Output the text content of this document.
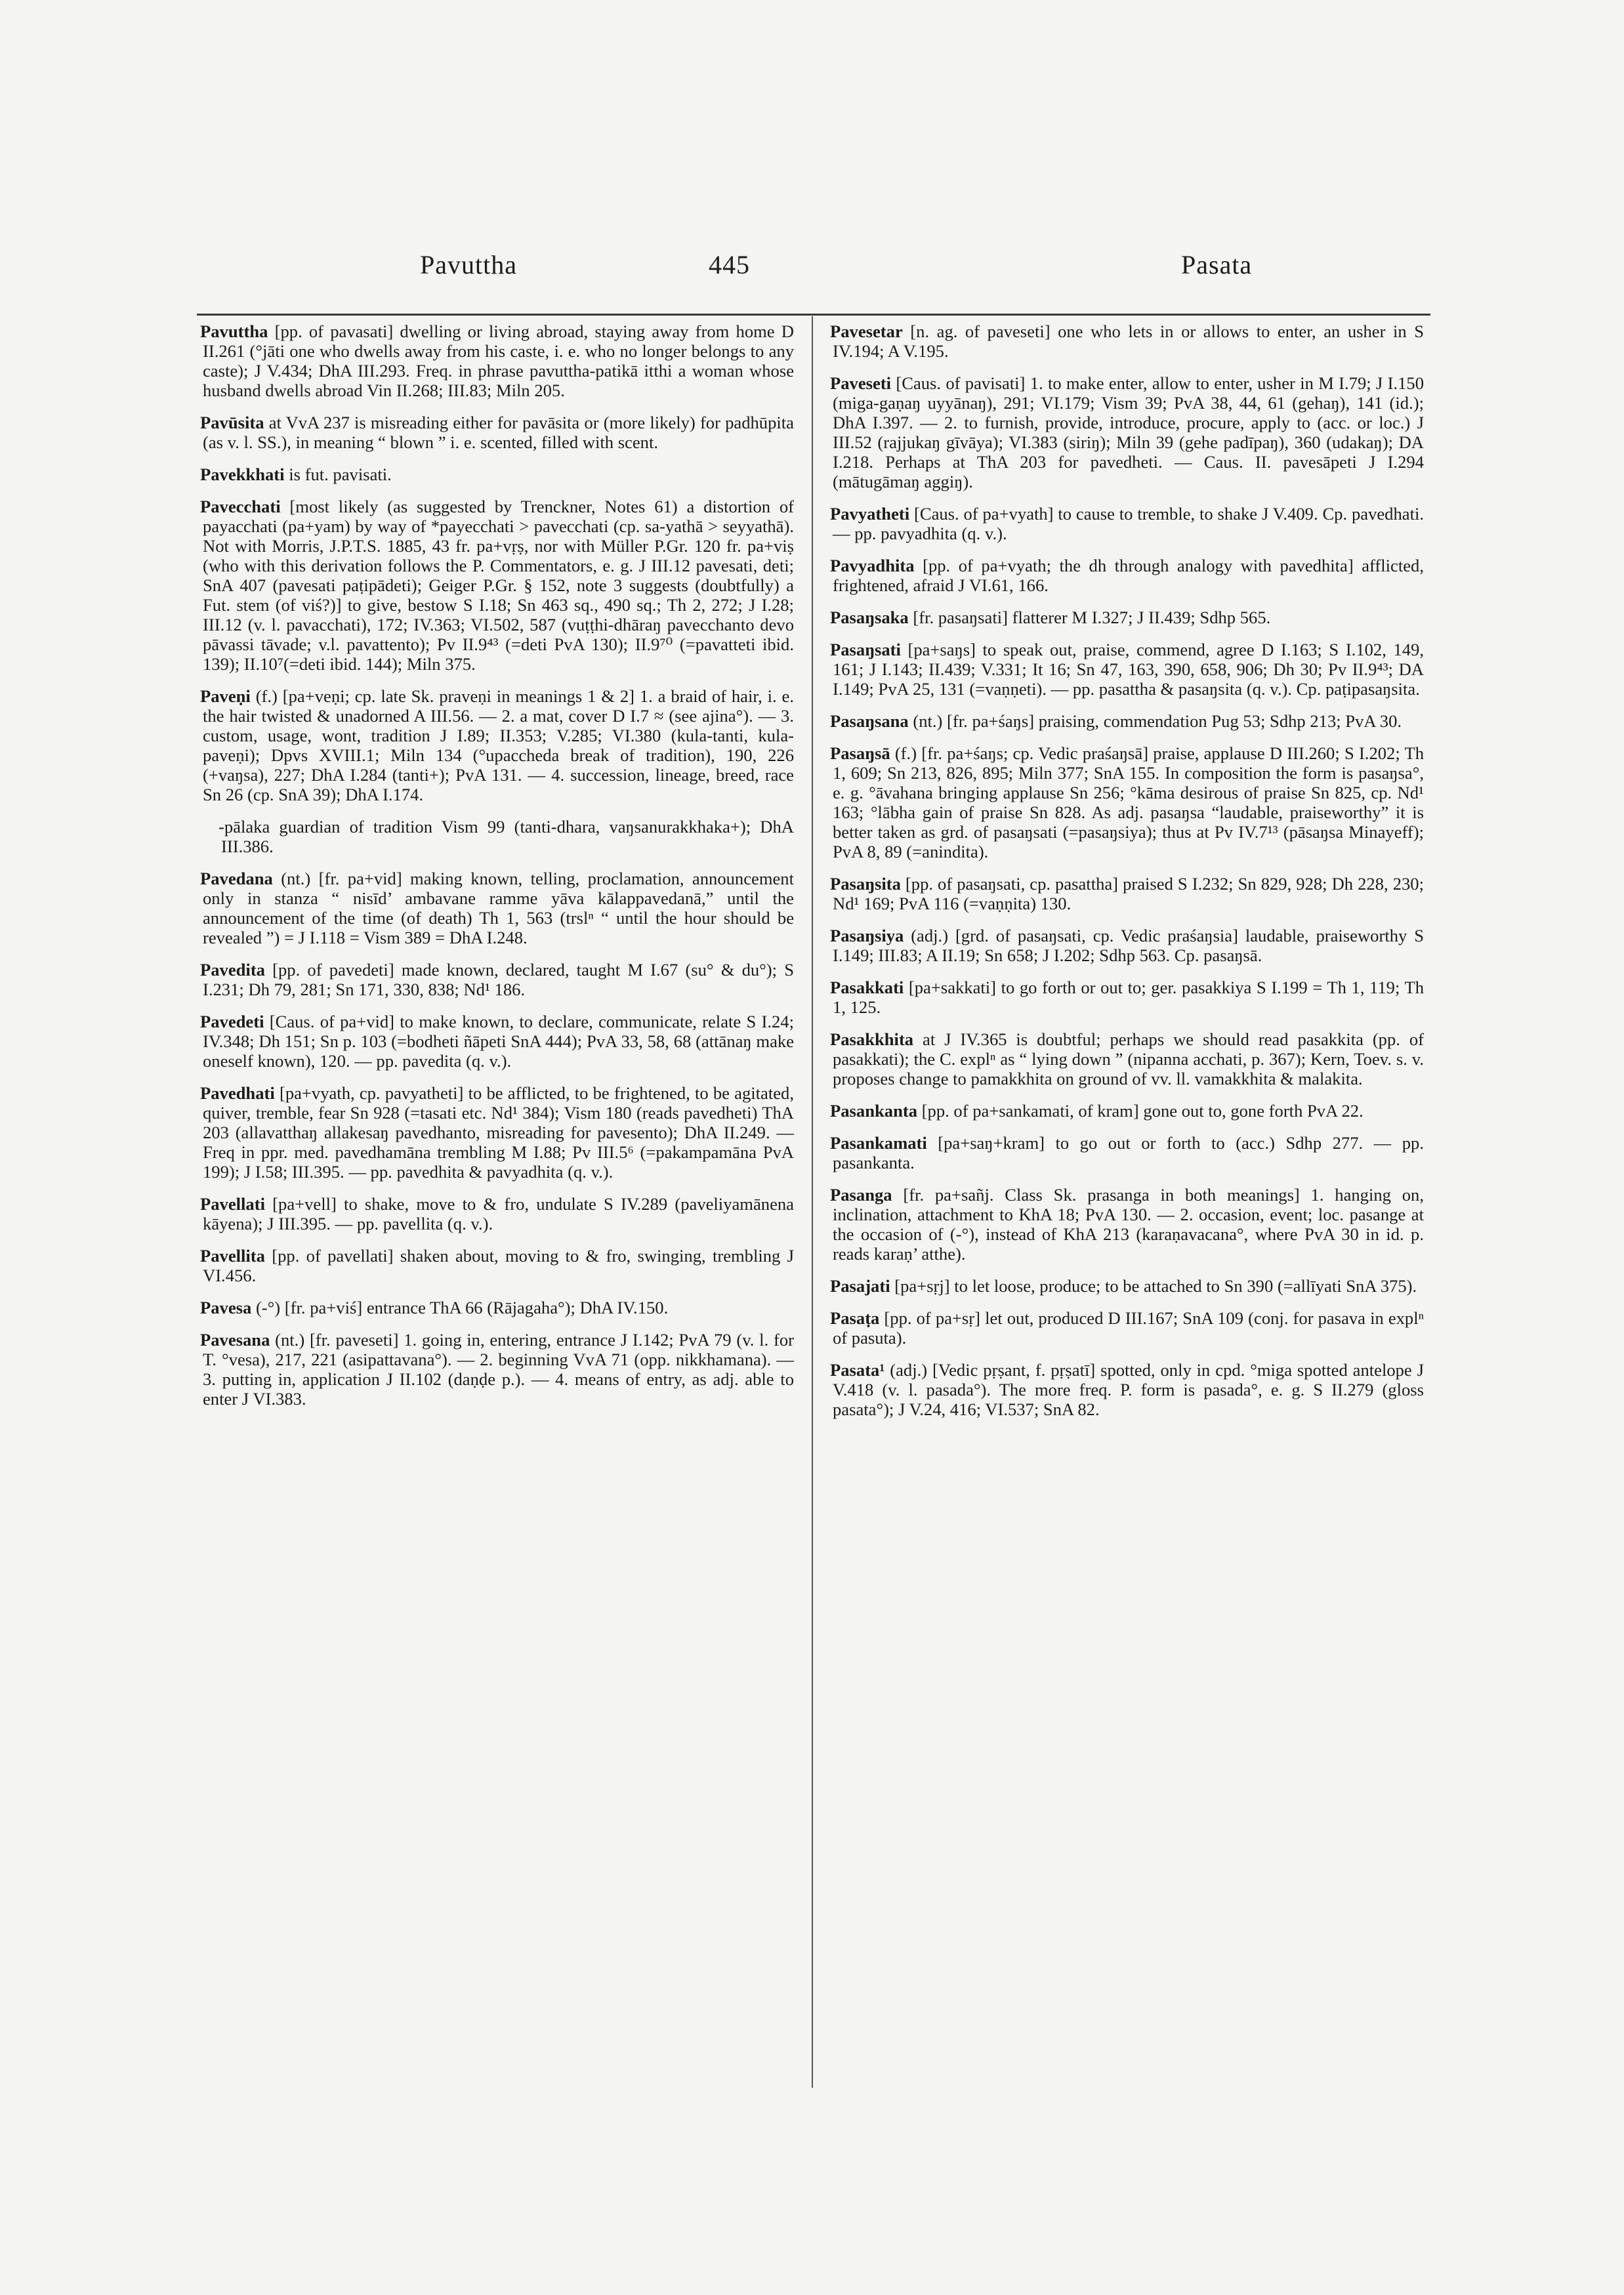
Pavuttha	445	Pasata

Pavuttha [pp. of pavasati] dwelling or living abroad, staying away from home D II.261 (°jāti one who dwells away from his caste, i. e. who no longer belongs to any caste); J V.434; DhA III.293. Freq. in phrase pavuttha-patikā itthi a woman whose husband dwells abroad Vin II.268; III.83; Miln 205.

Pavūsita at VvA 237 is misreading either for pavāsita or (more likely) for padhūpita (as v. l. SS.), in meaning “ blown ” i. e. scented, filled with scent.

Pavekkhati is fut. pavisati.

Pavecchati [most likely (as suggested by Trenckner, Notes 61) a distortion of payacchati (pa+yam) by way of *payecchati > pavecchati (cp. sa-yathā > seyyathā). Not with Morris, J.P.T.S. 1885, 43 fr. pa+vṛṣ, nor with Müller P.Gr. 120 fr. pa+viṣ (who with this derivation follows the P. Commentators, e. g. J III.12 pavesati, deti; SnA 407 (pavesati paṭipādeti); Geiger P.Gr. § 152, note 3 suggests (doubtfully) a Fut. stem (of viś?)] to give, bestow S I.18; Sn 463 sq., 490 sq.; Th 2, 272; J I.28; III.12 (v. l. pavacchati), 172; IV.363; VI.502, 587 (vuṭṭhi-dhāraŋ pavecchanto devo pāvassi tāvade; v.l. pavattento); Pv II.9⁴³ (=deti PvA 130); II.9⁷⁰ (=pavatteti ibid. 139); II.10⁷(=deti ibid. 144); Miln 375.

Paveṇi (f.) [pa+veṇi; cp. late Sk. praveṇi in meanings 1 & 2] 1. a braid of hair, i. e. the hair twisted & unadorned A III.56. — 2. a mat, cover D I.7 ≈ (see ajina°). — 3. custom, usage, wont, tradition J I.89; II.353; V.285; VI.380 (kula-tanti, kula-paveṇi); Dpvs XVIII.1; Miln 134 (°upaccheda break of tradition), 190, 226 (+vaŋsa), 227; DhA I.284 (tanti+); PvA 131. — 4. succession, lineage, breed, race Sn 26 (cp. SnA 39); DhA I.174.

-pālaka guardian of tradition Vism 99 (tanti-dhara, vaŋsanurakkhaka+); DhA III.386.

Pavedana (nt.) [fr. pa+vid] making known, telling, proclamation, announcement only in stanza “ nisīd’ ambavane ramme yāva kālappavedanā,” until the announcement of the time (of death) Th 1, 563 (trslⁿ “ until the hour should be revealed ”) = J I.118 = Vism 389 = DhA I.248.

Pavedita [pp. of pavedeti] made known, declared, taught M I.67 (su° & du°); S I.231; Dh 79, 281; Sn 171, 330, 838; Nd¹ 186.

Pavedeti [Caus. of pa+vid] to make known, to declare, communicate, relate S I.24; IV.348; Dh 151; Sn p. 103 (=bodheti ñāpeti SnA 444); PvA 33, 58, 68 (attānaŋ make oneself known), 120. — pp. pavedita (q. v.).

Pavedhati [pa+vyath, cp. pavyatheti] to be afflicted, to be frightened, to be agitated, quiver, tremble, fear Sn 928 (=tasati etc. Nd¹ 384); Vism 180 (reads pavedheti) ThA 203 (allavatthaŋ allakesaŋ pavedhanto, misreading for pavesento); DhA II.249. — Freq in ppr. med. pavedhamāna trembling M I.88; Pv III.5⁶ (=pakampamāna PvA 199); J I.58; III.395. — pp. pavedhita & pavyadhita (q. v.).

Pavellati [pa+vell] to shake, move to & fro, undulate S IV.289 (paveliyamānena kāyena); J III.395. — pp. pavellita (q. v.).

Pavellita [pp. of pavellati] shaken about, moving to & fro, swinging, trembling J VI.456.

Pavesa (-°) [fr. pa+viś] entrance ThA 66 (Rājagaha°); DhA IV.150.

Pavesana (nt.) [fr. paveseti] 1. going in, entering, entrance J I.142; PvA 79 (v. l. for T. °vesa), 217, 221 (asipattavana°). — 2. beginning VvA 71 (opp. nikkhamana). — 3. putting in, application J II.102 (daṇḍe p.). — 4. means of entry, as adj. able to enter J VI.383.

Pavesetar [n. ag. of paveseti] one who lets in or allows to enter, an usher in S IV.194; A V.195.

Paveseti [Caus. of pavisati] 1. to make enter, allow to enter, usher in M I.79; J I.150 (miga-gaṇaŋ uyyānaŋ), 291; VI.179; Vism 39; PvA 38, 44, 61 (gehaŋ), 141 (id.); DhA I.397. — 2. to furnish, provide, introduce, procure, apply to (acc. or loc.) J III.52 (rajjukaŋ gīvāya); VI.383 (siriŋ); Miln 39 (gehe padīpaŋ), 360 (udakaŋ); DA I.218. Perhaps at ThA 203 for pavedheti. — Caus. II. pavesāpeti J I.294 (mātugāmaŋ aggiŋ).

Pavyatheti [Caus. of pa+vyath] to cause to tremble, to shake J V.409. Cp. pavedhati. — pp. pavyadhita (q. v.).

Pavyadhita [pp. of pa+vyath; the dh through analogy with pavedhita] afflicted, frightened, afraid J VI.61, 166.

Pasaŋsaka [fr. pasaŋsati] flatterer M I.327; J II.439; Sdhp 565.

Pasaŋsati [pa+saŋs] to speak out, praise, commend, agree D I.163; S I.102, 149, 161; J I.143; II.439; V.331; It 16; Sn 47, 163, 390, 658, 906; Dh 30; Pv II.9⁴³; DA I.149; PvA 25, 131 (=vaṇṇeti). — pp. pasattha & pasaŋsita (q. v.). Cp. paṭipasaŋsita.

Pasaŋsana (nt.) [fr. pa+śaŋs] praising, commendation Pug 53; Sdhp 213; PvA 30.

Pasaŋsā (f.) [fr. pa+śaŋs; cp. Vedic praśaŋsā] praise, applause D III.260; S I.202; Th 1, 609; Sn 213, 826, 895; Miln 377; SnA 155. In composition the form is pasaŋsa°, e. g. °āvahana bringing applause Sn 256; °kāma desirous of praise Sn 825, cp. Nd¹ 163; °lābha gain of praise Sn 828. As adj. pasaŋsa “laudable, praiseworthy” it is better taken as grd. of pasaŋsati (=pasaŋsiya); thus at Pv IV.7¹³ (pāsaŋsa Minayeff); PvA 8, 89 (=anindita).

Pasaŋsita [pp. of pasaŋsati, cp. pasattha] praised S I.232; Sn 829, 928; Dh 228, 230; Nd¹ 169; PvA 116 (=vaṇṇita) 130.

Pasaŋsiya (adj.) [grd. of pasaŋsati, cp. Vedic praśaŋsia] laudable, praiseworthy S I.149; III.83; A II.19; Sn 658; J I.202; Sdhp 563. Cp. pasaŋsā.

Pasakkati [pa+sakkati] to go forth or out to; ger. pasakkiya S I.199 = Th 1, 119; Th 1, 125.

Pasakkhita at J IV.365 is doubtful; perhaps we should read pasakkita (pp. of pasakkati); the C. explⁿ as “ lying down ” (nipanna acchati, p. 367); Kern, Toev. s. v. proposes change to pamakkhita on ground of vv. ll. vamakkhita & malakita.

Pasankanta [pp. of pa+sankamati, of kram] gone out to, gone forth PvA 22.

Pasankamati [pa+saŋ+kram] to go out or forth to (acc.) Sdhp 277. — pp. pasankanta.

Pasanga [fr. pa+sañj. Class Sk. prasanga in both meanings] 1. hanging on, inclination, attachment to KhA 18; PvA 130. — 2. occasion, event; loc. pasange at the occasion of (-°), instead of KhA 213 (karaṇavacana°, where PvA 30 in id. p. reads karaṇ’ atthe).

Pasajati [pa+sṛj] to let loose, produce; to be attached to Sn 390 (=allīyati SnA 375).

Pasaṭa [pp. of pa+sṛ] let out, produced D III.167; SnA 109 (conj. for pasava in explⁿ of pasuta).

Pasata¹ (adj.) [Vedic pṛṣant, f. pṛṣatī] spotted, only in cpd. °miga spotted antelope J V.418 (v. l. pasada°). The more freq. P. form is pasada°, e. g. S II.279 (gloss pasata°); J V.24, 416; VI.537; SnA 82.
